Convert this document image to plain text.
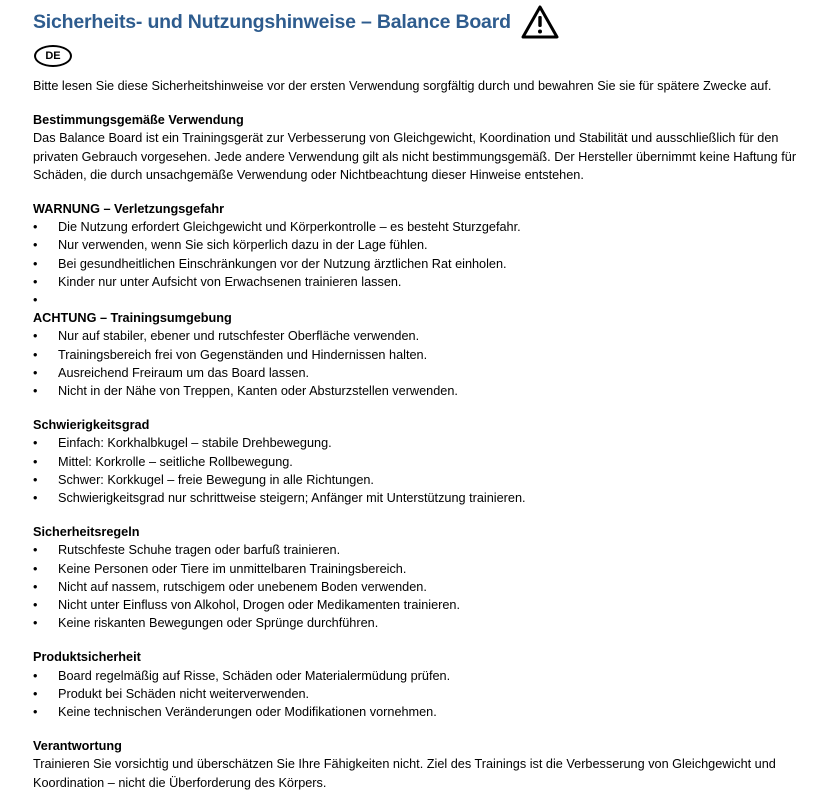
Sicherheits- und Nutzungshinweise – Balance Board
DE

Bitte lesen Sie diese Sicherheitshinweise vor der ersten Verwendung sorgfältig durch und bewahren Sie sie für spätere Zwecke auf.

Bestimmungsgemäße Verwendung

Das Balance Board ist ein Trainingsgerät zur Verbesserung von Gleichgewicht, Koordination und Stabilität und ausschließlich für den privaten Gebrauch vorgesehen. Jede andere Verwendung gilt als nicht bestimmungsgemäß. Der Hersteller übernimmt keine Haftung für Schäden, die durch unsachgemäße Verwendung oder Nichtbeachtung dieser Hinweise entstehen.

WARNUNG – Verletzungsgefahr

•	Die Nutzung erfordert Gleichgewicht und Körperkontrolle – es besteht Sturzgefahr.
•	Nur verwenden, wenn Sie sich körperlich dazu in der Lage fühlen.
•	Bei gesundheitlichen Einschränkungen vor der Nutzung ärztlichen Rat einholen.
•	Kinder nur unter Aufsicht von Erwachsenen trainieren lassen.
•

ACHTUNG – Trainingsumgebung

•	Nur auf stabiler, ebener und rutschfester Oberfläche verwenden.
•	Trainingsbereich frei von Gegenständen und Hindernissen halten.
•	Ausreichend Freiraum um das Board lassen.
•	Nicht in der Nähe von Treppen, Kanten oder Absturzstellen verwenden.

Schwierigkeitsgrad

•	Einfach: Korkhalbkugel – stabile Drehbewegung.
•	Mittel: Korkrolle – seitliche Rollbewegung.
•	Schwer: Korkkugel – freie Bewegung in alle Richtungen.
•	Schwierigkeitsgrad nur schrittweise steigern; Anfänger mit Unterstützung trainieren.

Sicherheitsregeln

•	Rutschfeste Schuhe tragen oder barfuß trainieren.
•	Keine Personen oder Tiere im unmittelbaren Trainingsbereich.
•	Nicht auf nassem, rutschigem oder unebenem Boden verwenden.
•	Nicht unter Einfluss von Alkohol, Drogen oder Medikamenten trainieren.
•	Keine riskanten Bewegungen oder Sprünge durchführen.

Produktsicherheit

•	Board regelmäßig auf Risse, Schäden oder Materialermüdung prüfen.
•	Produkt bei Schäden nicht weiterverwenden.
•	Keine technischen Veränderungen oder Modifikationen vornehmen.

Verantwortung

Trainieren Sie vorsichtig und überschätzen Sie Ihre Fähigkeiten nicht. Ziel des Trainings ist die Verbesserung von Gleichgewicht und Koordination – nicht die Überforderung des Körpers.
